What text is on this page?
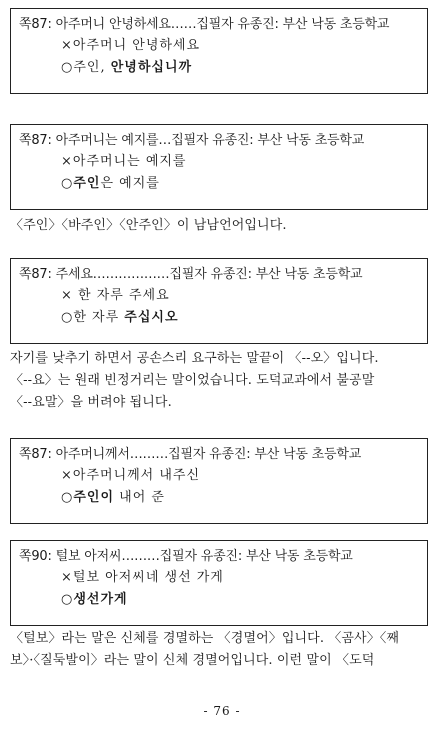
쪽87: 아주머니 안녕하세요……집필자 유종진: 부산 낙동 초등학교
×아주머니 안녕하세요
○주인, 안녕하십니까
쪽87: 아주머니는 예지를…집필자 유종진: 부산 낙동 초등학교
×아주머니는 예지를
○주인은 예지를
〈주인〉〈바주인〉〈안주인〉이 남남언어입니다.
쪽87: 주세요………………집필자 유종진: 부산 낙동 초등학교
× 한 자루 주세요
○한 자루 주십시오
자기를 낮추기 하면서 공손스리 요구하는 말끝이 〈--오〉입니다.
〈--요〉는 원래 빈정거리는 말이었습니다. 도덕교과에서 불공말
〈--요말〉을 버려야 됩니다.
쪽87: 아주머니께서………집필자 유종진: 부산 낙동 초등학교
×아주머니께서 내주신
○주인이 내어 준
쪽90: 털보 아저씨………집필자 유종진: 부산 낙동 초등학교
×털보 아저씨네 생선 가게
○생선가게
〈털보〉라는 말은 신체를 경멸하는 〈경멸어〉입니다. 〈곰사〉〈째
보〉·〈질둑발이〉라는 말이 신체 경멸어입니다. 이런 말이 〈도덕
- 76 -
